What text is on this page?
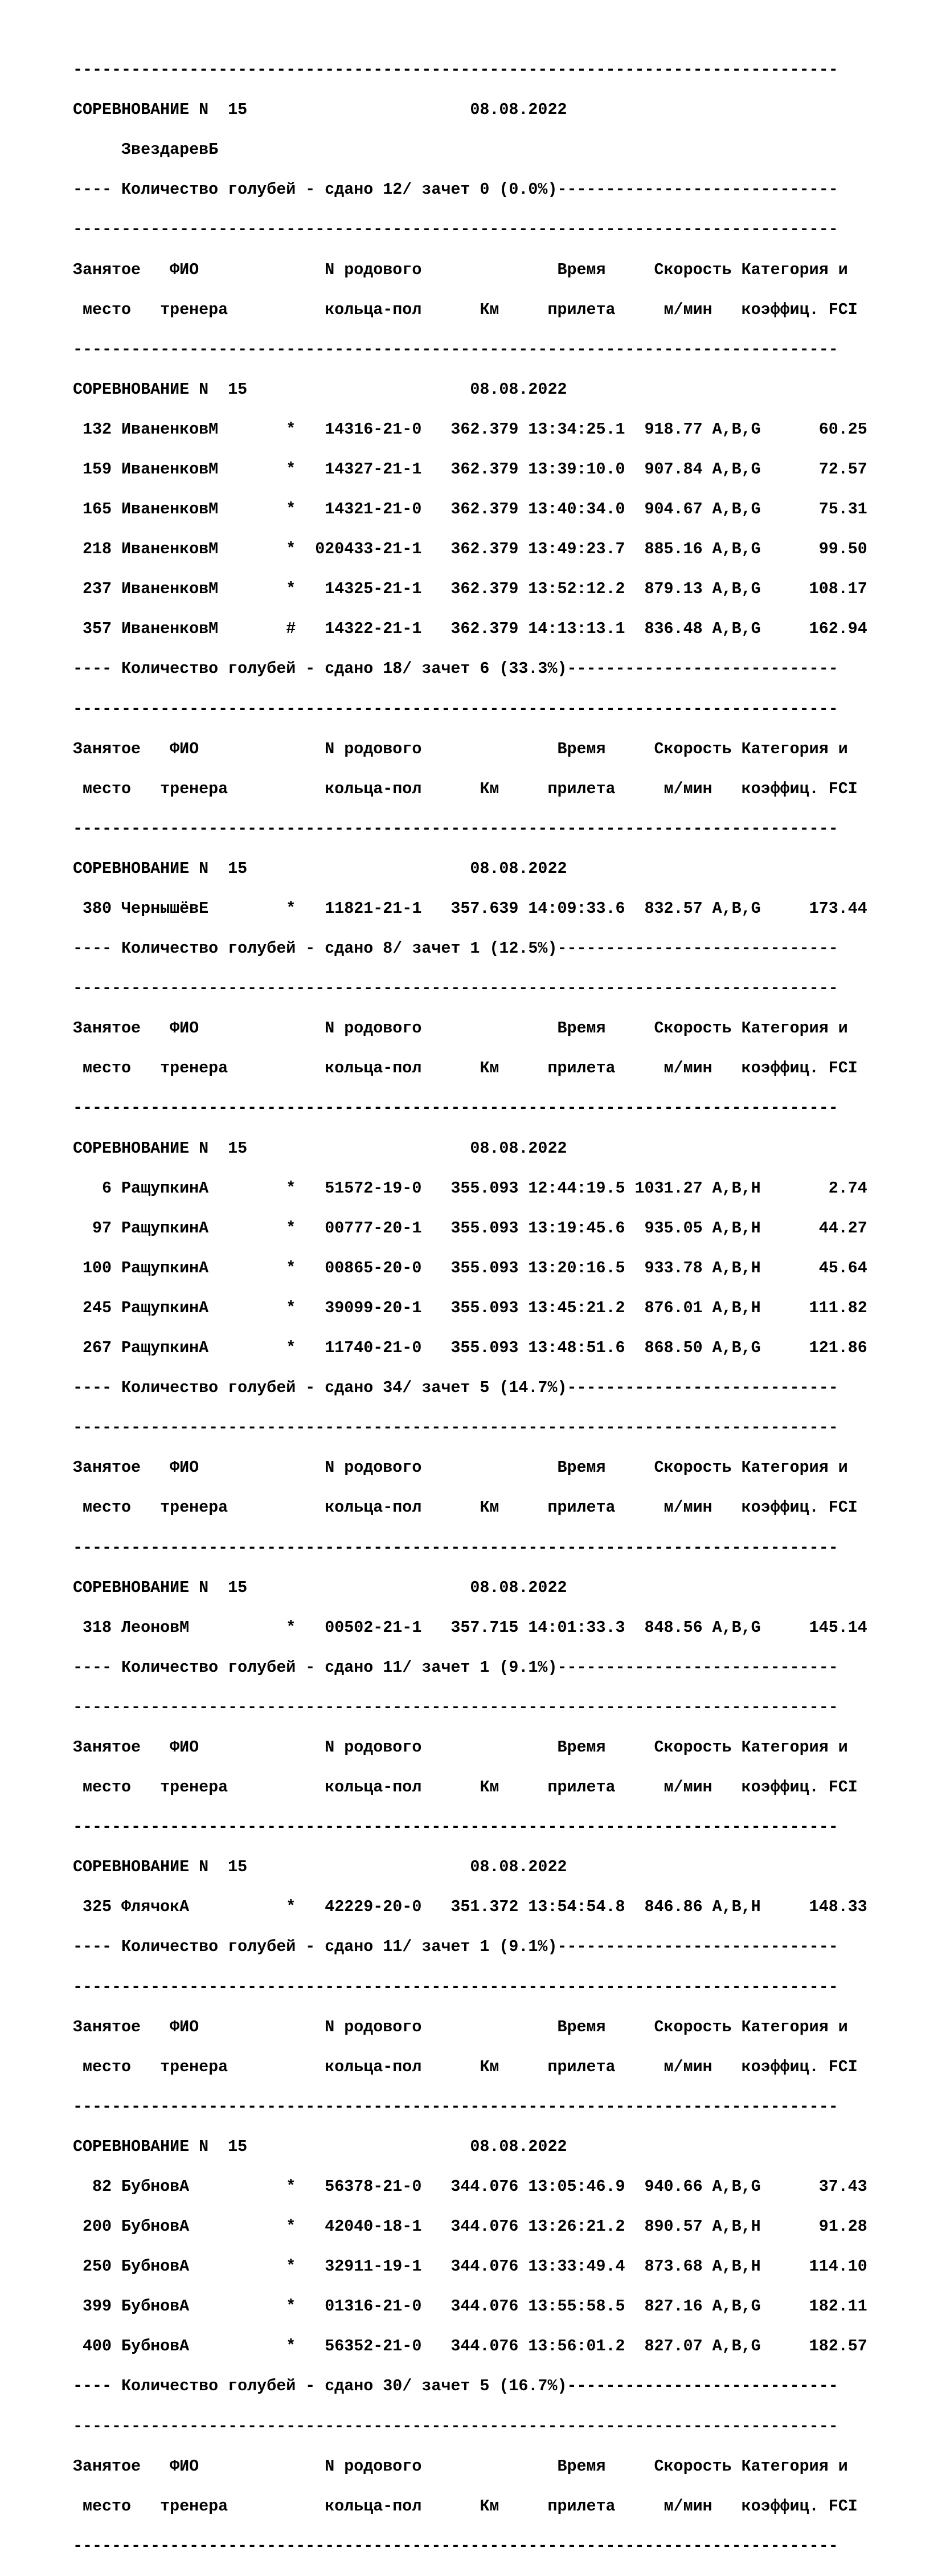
-------------------------------------------------------------------------------

СОРЕВНОВАНИЕ N  15                       08.08.2022

ЗвездаревБ

---- Количество голубей - сдано 12/ зачет 0 (0.0%)-----------------------------

-------------------------------------------------------------------------------

Занятое   ФИО             N родового              Время     Скорость Категория и

место   тренера          кольца-пол      Км     прилета     м/мин   коэффиц. FCI

-------------------------------------------------------------------------------

СОРЕВНОВАНИЕ N  15                       08.08.2022

132 ИваненковМ       *   14316-21-0   362.379 13:34:25.1  918.77 A,B,G      60.25

159 ИваненковМ       *   14327-21-1   362.379 13:39:10.0  907.84 A,B,G      72.57

165 ИваненковМ       *   14321-21-0   362.379 13:40:34.0  904.67 A,B,G      75.31

218 ИваненковМ       *  020433-21-1   362.379 13:49:23.7  885.16 A,B,G      99.50

237 ИваненковМ       *   14325-21-1   362.379 13:52:12.2  879.13 A,B,G     108.17

357 ИваненковМ       #   14322-21-1   362.379 14:13:13.1  836.48 A,B,G     162.94

---- Количество голубей - сдано 18/ зачет 6 (33.3%)----------------------------

-------------------------------------------------------------------------------

Занятое   ФИО             N родового              Время     Скорость Категория и

место   тренера          кольца-пол      Км     прилета     м/мин   коэффиц. FCI

-------------------------------------------------------------------------------

СОРЕВНОВАНИЕ N  15                       08.08.2022

380 ЧернышёвЕ        *   11821-21-1   357.639 14:09:33.6  832.57 A,B,G     173.44

---- Количество голубей - сдано 8/ зачет 1 (12.5%)-----------------------------

-------------------------------------------------------------------------------

Занятое   ФИО             N родового              Время     Скорость Категория и

место   тренера          кольца-пол      Км     прилета     м/мин   коэффиц. FCI

-------------------------------------------------------------------------------

СОРЕВНОВАНИЕ N  15                       08.08.2022

6 РащупкинА        *   51572-19-0   355.093 12:44:19.5 1031.27 A,B,H       2.74

97 РащупкинА        *   00777-20-1   355.093 13:19:45.6  935.05 A,B,H      44.27

100 РащупкинА        *   00865-20-0   355.093 13:20:16.5  933.78 A,B,H      45.64

245 РащупкинА        *   39099-20-1   355.093 13:45:21.2  876.01 A,B,H     111.82

267 РащупкинА        *   11740-21-0   355.093 13:48:51.6  868.50 A,B,G     121.86

---- Количество голубей - сдано 34/ зачет 5 (14.7%)----------------------------

-------------------------------------------------------------------------------

Занятое   ФИО             N родового              Время     Скорость Категория и

место   тренера          кольца-пол      Км     прилета     м/мин   коэффиц. FCI

-------------------------------------------------------------------------------

СОРЕВНОВАНИЕ N  15                       08.08.2022

318 ЛеоновМ          *   00502-21-1   357.715 14:01:33.3  848.56 A,B,G     145.14

---- Количество голубей - сдано 11/ зачет 1 (9.1%)-----------------------------

-------------------------------------------------------------------------------

Занятое   ФИО             N родового              Время     Скорость Категория и

место   тренера          кольца-пол      Км     прилета     м/мин   коэффиц. FCI

-------------------------------------------------------------------------------

СОРЕВНОВАНИЕ N  15                       08.08.2022

325 ФлячокА          *   42229-20-0   351.372 13:54:54.8  846.86 A,B,H     148.33

---- Количество голубей - сдано 11/ зачет 1 (9.1%)-----------------------------

-------------------------------------------------------------------------------

Занятое   ФИО             N родового              Время     Скорость Категория и

место   тренера          кольца-пол      Км     прилета     м/мин   коэффиц. FCI

-------------------------------------------------------------------------------

СОРЕВНОВАНИЕ N  15                       08.08.2022

82 БубновА          *   56378-21-0   344.076 13:05:46.9  940.66 A,B,G      37.43

200 БубновА          *   42040-18-1   344.076 13:26:21.2  890.57 A,B,H      91.28

250 БубновА          *   32911-19-1   344.076 13:33:49.4  873.68 A,B,H     114.10

399 БубновА          *   01316-21-0   344.076 13:55:58.5  827.16 A,B,G     182.11

400 БубновА          *   56352-21-0   344.076 13:56:01.2  827.07 A,B,G     182.57

---- Количество голубей - сдано 30/ зачет 5 (16.7%)----------------------------

-------------------------------------------------------------------------------

Занятое   ФИО             N родового              Время     Скорость Категория и

место   тренера          кольца-пол      Км     прилета     м/мин   коэффиц. FCI

-------------------------------------------------------------------------------
